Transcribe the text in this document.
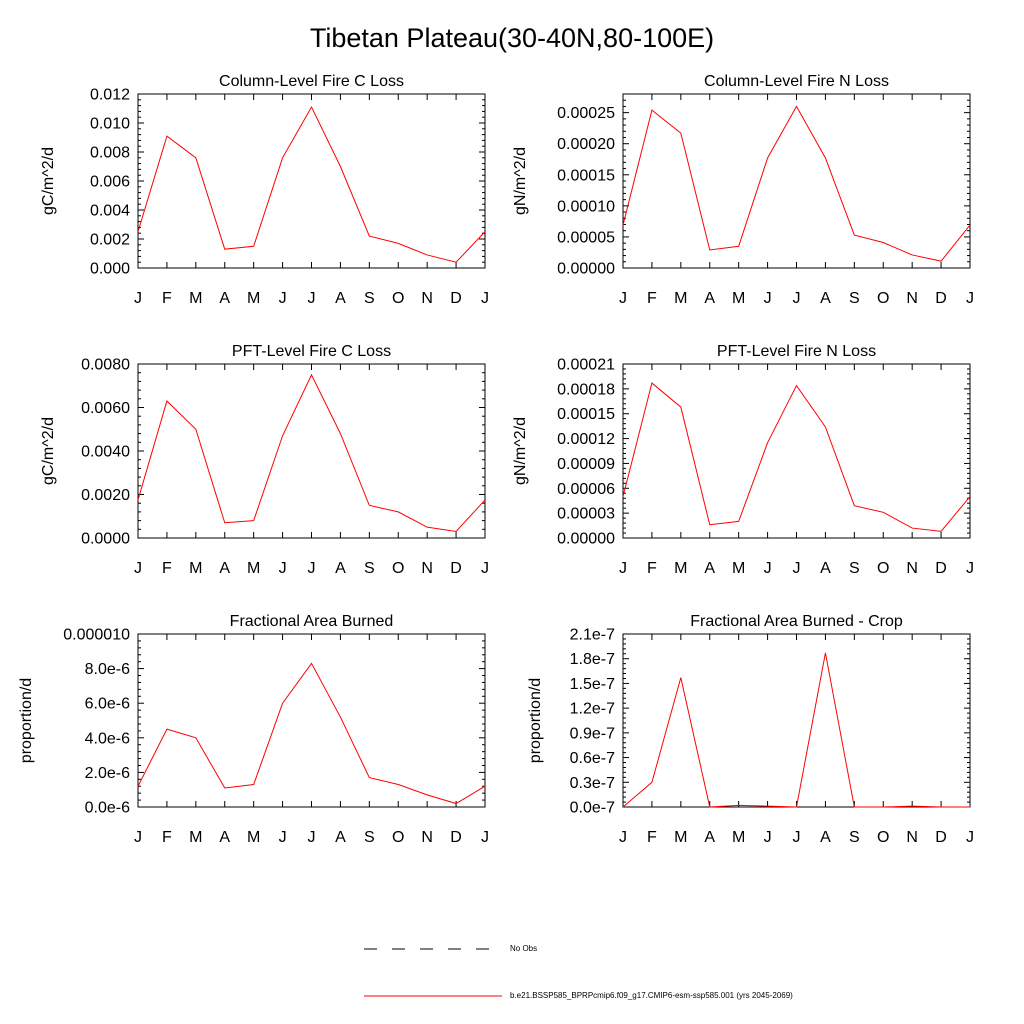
Tibetan Plateau(30-40N,80-100E)
Column-Level Fire C Loss
gC/m^2/d
J F M A M J J A S O N D J
0.000
0.002
0.004
0.006
0.008
0.010
0.012
Column-Level Fire N Loss
gN/m^2/d
J F M A M J J A S O N D J
0.00000
0.00005
0.00010
0.00015
0.00020
0.00025
PFT-Level Fire C Loss
gC/m^2/d
J F M A M J J A S O N D J
0.0000
0.0020
0.0040
0.0060
0.0080
PFT-Level Fire N Loss
gN/m^2/d
J F M A M J J A S O N D J
0.00000
0.00003
0.00006
0.00009
0.00012
0.00015
0.00018
0.00021
Fractional Area Burned
proportion/d
J F M A M J J A S O N D J
0.0e-6
2.0e-6
4.0e-6
6.0e-6
8.0e-6
0.000010
Fractional Area Burned - Crop
proportion/d
J F M A M J J A S O N D J
0.0e-7
0.3e-7
0.6e-7
0.9e-7
1.2e-7
1.5e-7
1.8e-7
2.1e-7
No Obs
b.e21.BSSP585_BPRPcmip6.f09_g17.CMIP6-esm-ssp585.001 (yrs 2045-2069)
